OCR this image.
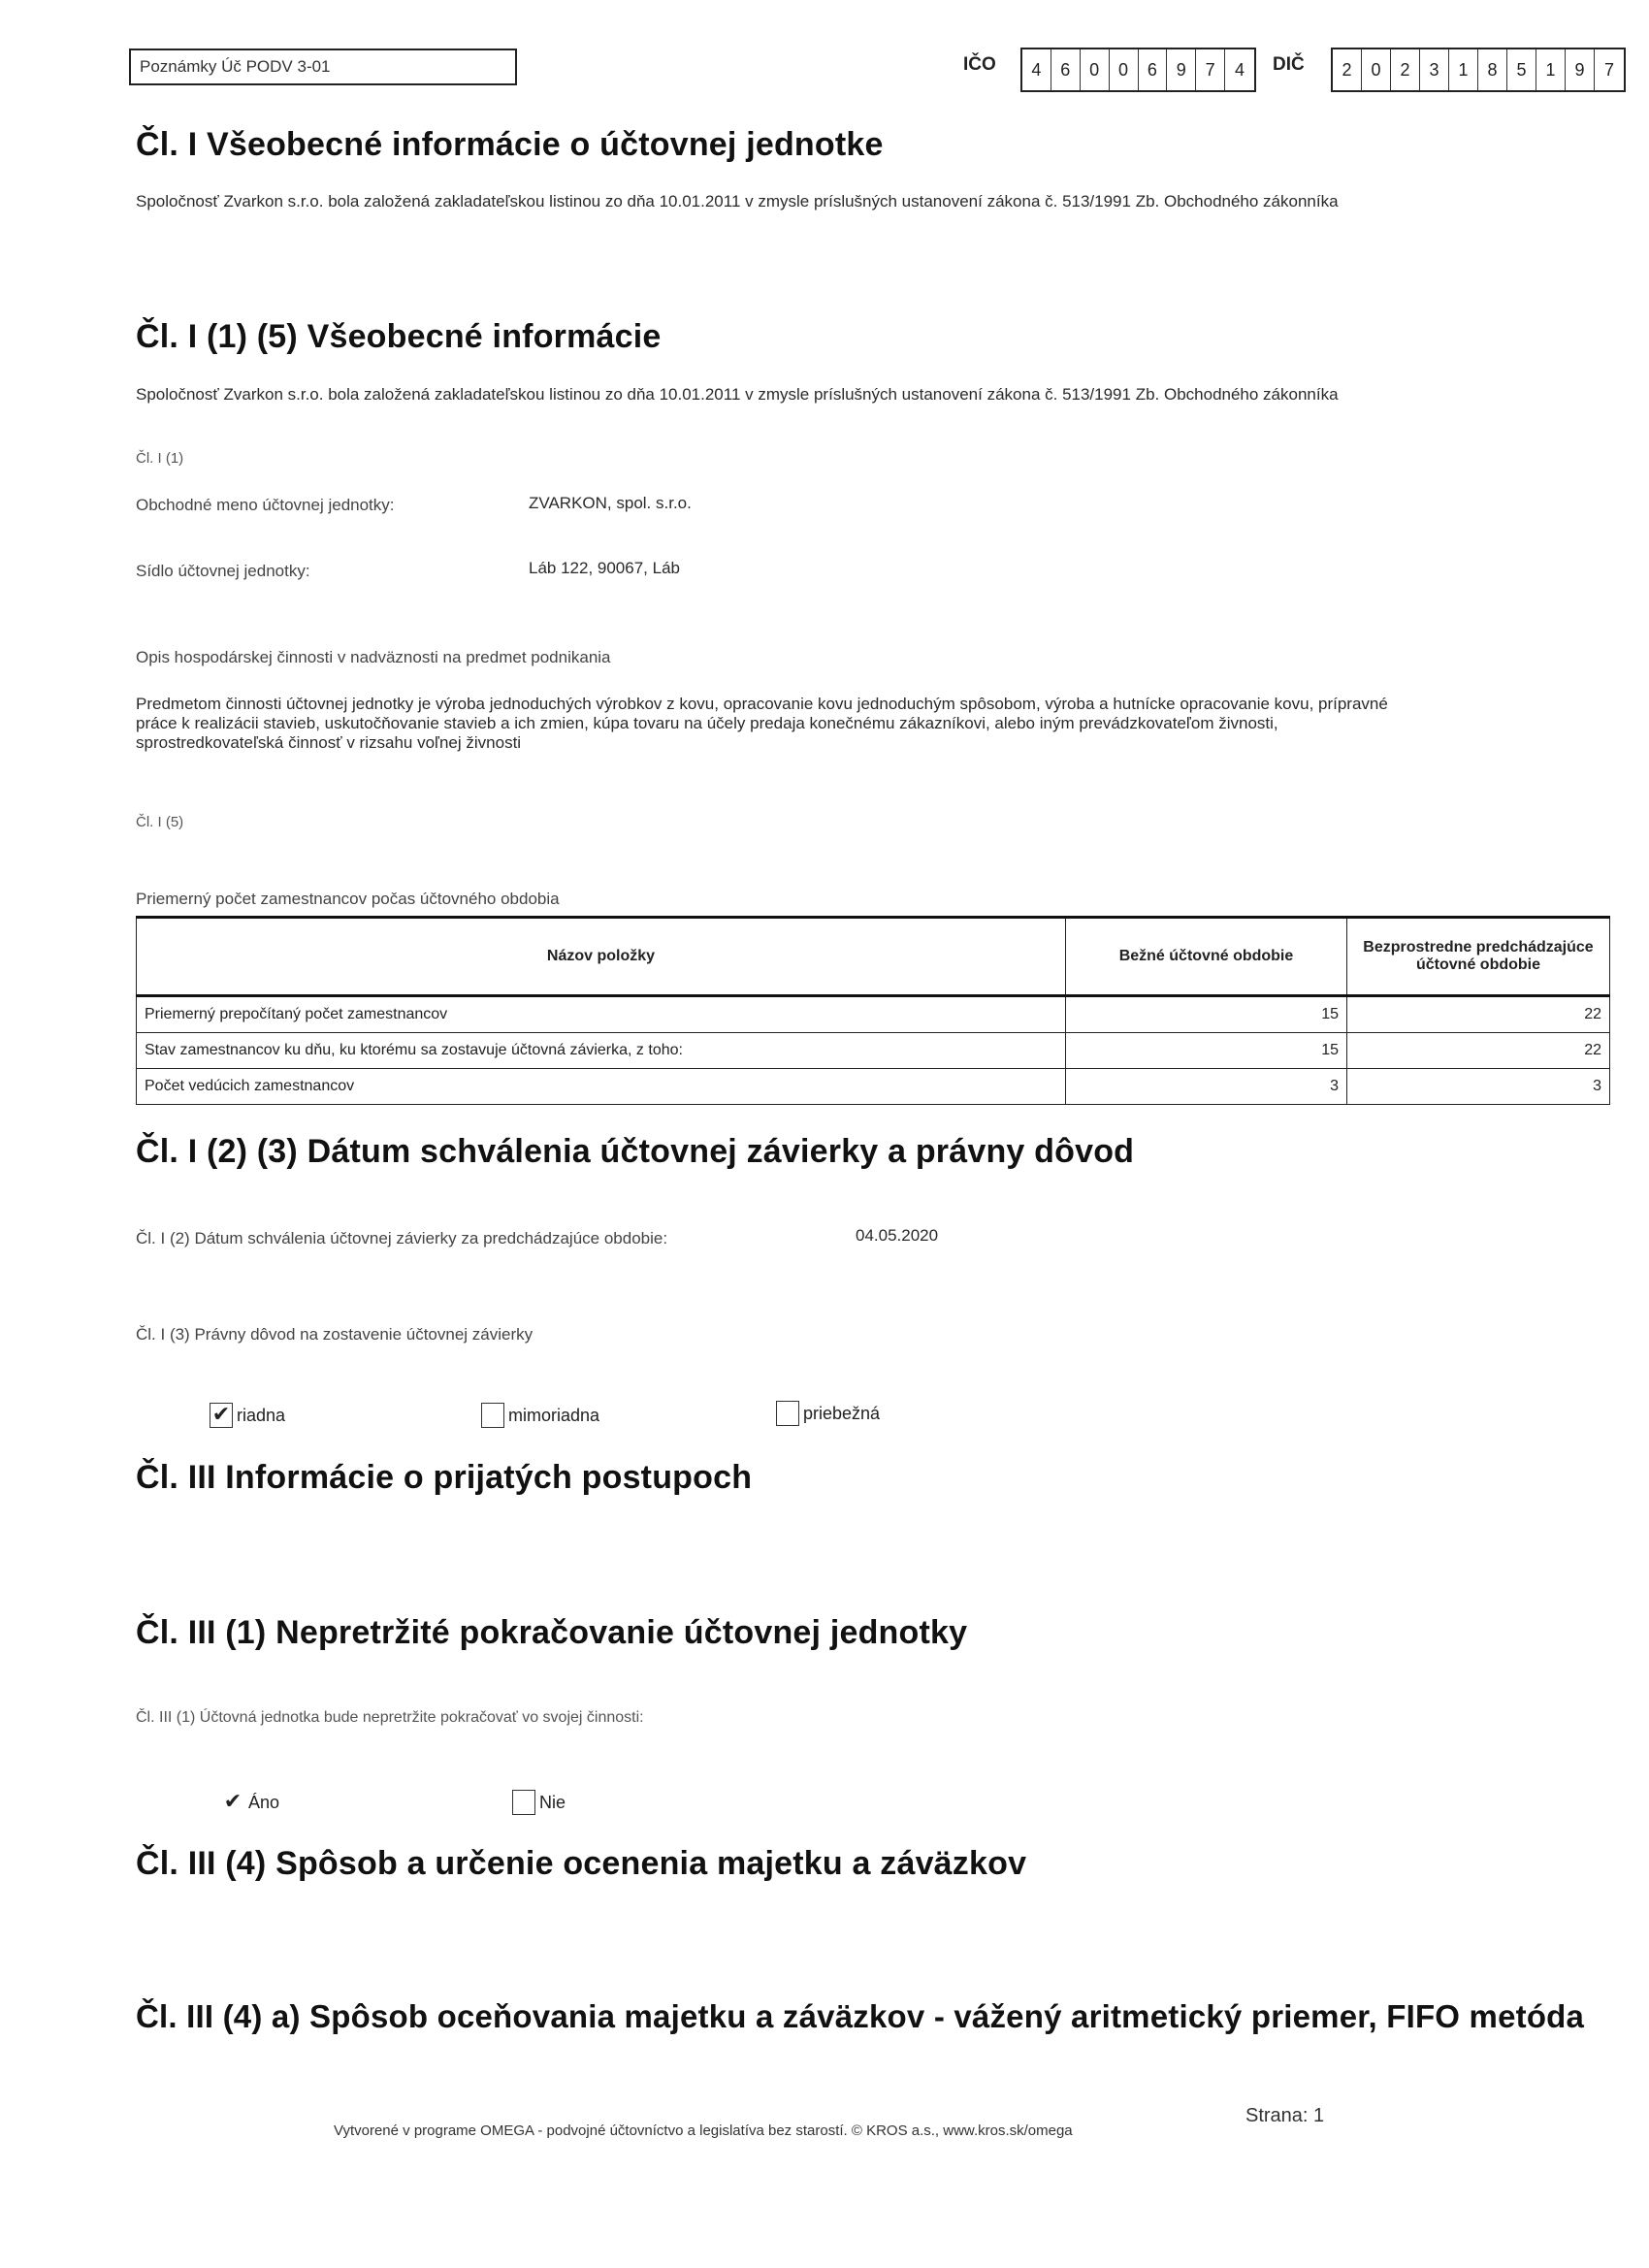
Poznámky Úč PODV 3-01	IČO	4	6	0	0	6	9	7	4	DIČ	2	0	2	3	1	8	5	1	9	7
Čl. I Všeobecné informácie o účtovnej jednotke
Spoločnosť Zvarkon s.r.o. bola založená zakladateľskou listinou zo dňa 10.01.2011 v zmysle príslušných ustanovení zákona č. 513/1991 Zb. Obchodného zákonníka
Čl. I (1) (5) Všeobecné informácie
Spoločnosť Zvarkon s.r.o. bola založená zakladateľskou listinou zo dňa 10.01.2011 v zmysle príslušných ustanovení zákona č. 513/1991 Zb. Obchodného zákonníka
Čl. I (1)
Obchodné meno účtovnej jednotky:	ZVARKON, spol. s.r.o.
Sídlo účtovnej jednotky:	Láb 122, 90067, Láb
Opis hospodárskej činnosti v nadväznosti na predmet podnikania
Predmetom činnosti účtovnej jednotky je výroba jednoduchých výrobkov z kovu, opracovanie kovu jednoduchým spôsobom, výroba a hutnícke opracovanie kovu, prípravné
práce k realizácii stavieb, uskutočňovanie stavieb a ich zmien, kúpa tovaru na účely predaja konečnému zákazníkovi, alebo iným prevádzkovateľom živnosti,
sprostredkovateľská činnosť v rizsahu voľnej živnosti
Čl. I (5)
Priemerný počet zamestnancov počas účtovného obdobia
Názov položky	Bežné účtovné obdobie	Bezprostredne predchádzajúce účtovné obdobie
Priemerný prepočítaný počet zamestnancov	15	22
Stav zamestnancov ku dňu, ku ktorému sa zostavuje účtovná závierka, z toho:	15	22
Počet vedúcich zamestnancov	3	3
Čl. I (2) (3) Dátum schválenia účtovnej závierky a právny dôvod
Čl. I (2) Dátum schválenia účtovnej závierky za predchádzajúce obdobie:	04.05.2020
Čl. I (3) Právny dôvod na zostavenie účtovnej závierky
✔ riadna	mimoriadna	priebežná
Čl. III Informácie o prijatých postupoch
Čl. III (1) Nepretržité pokračovanie účtovnej jednotky
Čl. III (1) Účtovná jednotka bude nepretržite pokračovať vo svojej činnosti:
✔ Áno	Nie
Čl. III (4) Spôsob a určenie ocenenia majetku a záväzkov
Čl. III (4) a) Spôsob oceňovania majetku a záväzkov - vážený aritmetický priemer, FIFO metóda
Strana: 1
Vytvorené v programe OMEGA - podvojné účtovníctvo a legislatíva bez starostí. © KROS a.s., www.kros.sk/omega
